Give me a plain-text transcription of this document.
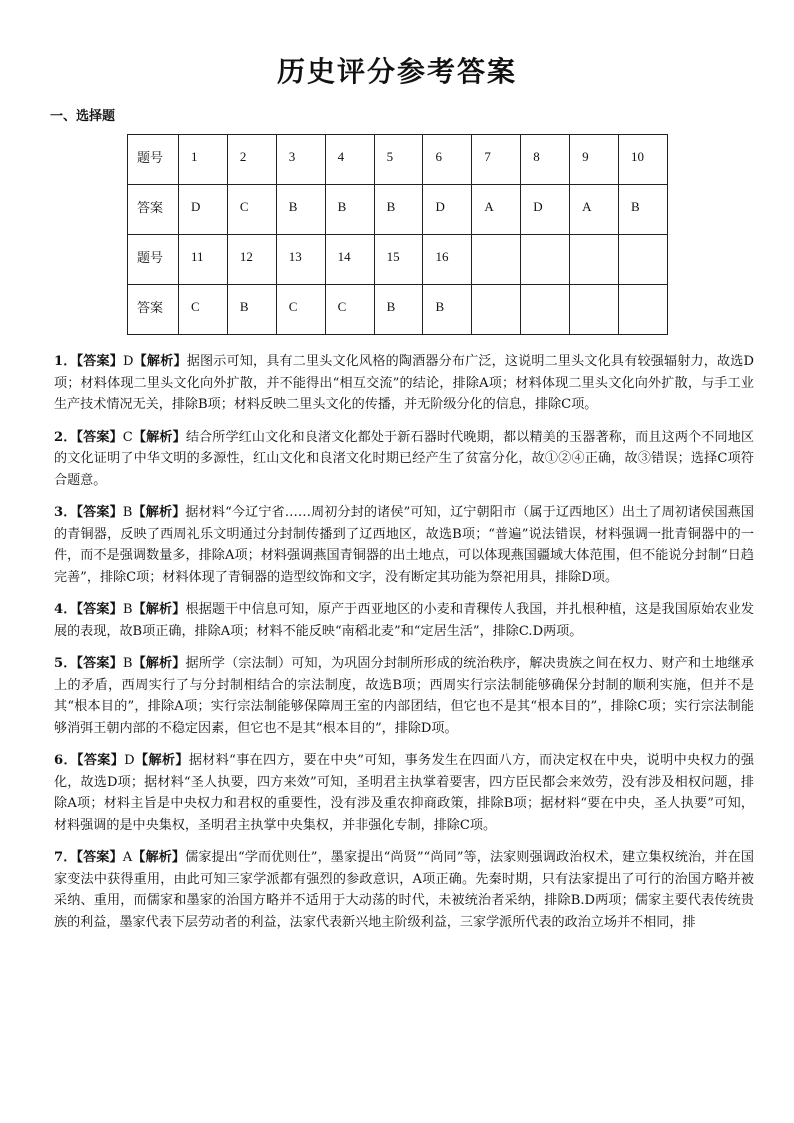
历史评分参考答案
一、选择题
题号	1	2	3	4	5	6	7	8	9	10
答案	D	C	B	B	B	D	A	D	A	B
题号	11	12	13	14	15	16				
答案	C	B	C	C	B	B				
1．【答案】D【解析】据图示可知，具有二里头文化风格的陶酒器分布广泛，这说明二里头文化具有较强辐射力，故选D项；材料体现二里头文化向外扩散，并不能得出“相互交流”的结论，排除A项；材料体现二里头文化向外扩散，与手工业生产技术情况无关，排除B项；材料反映二里头文化的传播，并无阶级分化的信息，排除C项。
2．【答案】C【解析】结合所学红山文化和良渚文化都处于新石器时代晚期，都以精美的玉器著称，而且这两个不同地区的文化证明了中华文明的多源性，红山文化和良渚文化时期已经产生了贫富分化，故①②④正确，故③错误；选择C项符合题意。
3．【答案】B【解析】据材料“今辽宁省……周初分封的诸侯”可知，辽宁朝阳市（属于辽西地区）出土了周初诸侯国燕国的青铜器，反映了西周礼乐文明通过分封制传播到了辽西地区，故选B项；“普遍”说法错误，材料强调一批青铜器中的一件，而不是强调数量多，排除A项；材料强调燕国青铜器的出土地点，可以体现燕国疆域大体范围，但不能说分封制“日趋完善”，排除C项；材料体现了青铜器的造型纹饰和文字，没有断定其功能为祭祀用具，排除D项。
4．【答案】B【解析】根据题干中信息可知，原产于西亚地区的小麦和青稞传人我国，并扎根种植，这是我国原始农业发展的表现，故B项正确，排除A项；材料不能反映“南稻北麦”和“定居生活”，排除C.D两项。
5．【答案】B【解析】据所学（宗法制）可知，为巩固分封制所形成的统治秩序，解决贵族之间在权力、财产和土地继承上的矛盾，西周实行了与分封制相结合的宗法制度，故选B项；西周实行宗法制能够确保分封制的顺利实施，但并不是其“根本目的”，排除A项；实行宗法制能够保障周王室的内部团结，但它也不是其“根本目的”，排除C项；实行宗法制能够消弭王朝内部的不稳定因素，但它也不是其“根本目的”，排除D项。
6．【答案】D【解析】据材料“事在四方，要在中央”可知，事务发生在四面八方，而决定权在中央，说明中央权力的强化，故选D项；据材料“圣人执要，四方来效”可知，圣明君主执掌着要害，四方臣民都会来效劳，没有涉及相权问题，排除A项；材料主旨是中央权力和君权的重要性，没有涉及重农抑商政策，排除B项；据材料“要在中央，圣人执要”可知，材料强调的是中央集权，圣明君主执掌中央集权，并非强化专制，排除C项。
7．【答案】A【解析】儒家提出“学而优则仕”，墨家提出“尚贤”“尚同”等，法家则强调政治权术，建立集权统治，并在国家变法中获得重用，由此可知三家学派都有强烈的参政意识，A项正确。先秦时期，只有法家提出了可行的治国方略并被采纳、重用，而儒家和墨家的治国方略并不适用于大动荡的时代，未被统治者采纳，排除B.D两项；儒家主要代表传统贵族的利益，墨家代表下层劳动者的利益，法家代表新兴地主阶级利益，三家学派所代表的政治立场并不相同，排
